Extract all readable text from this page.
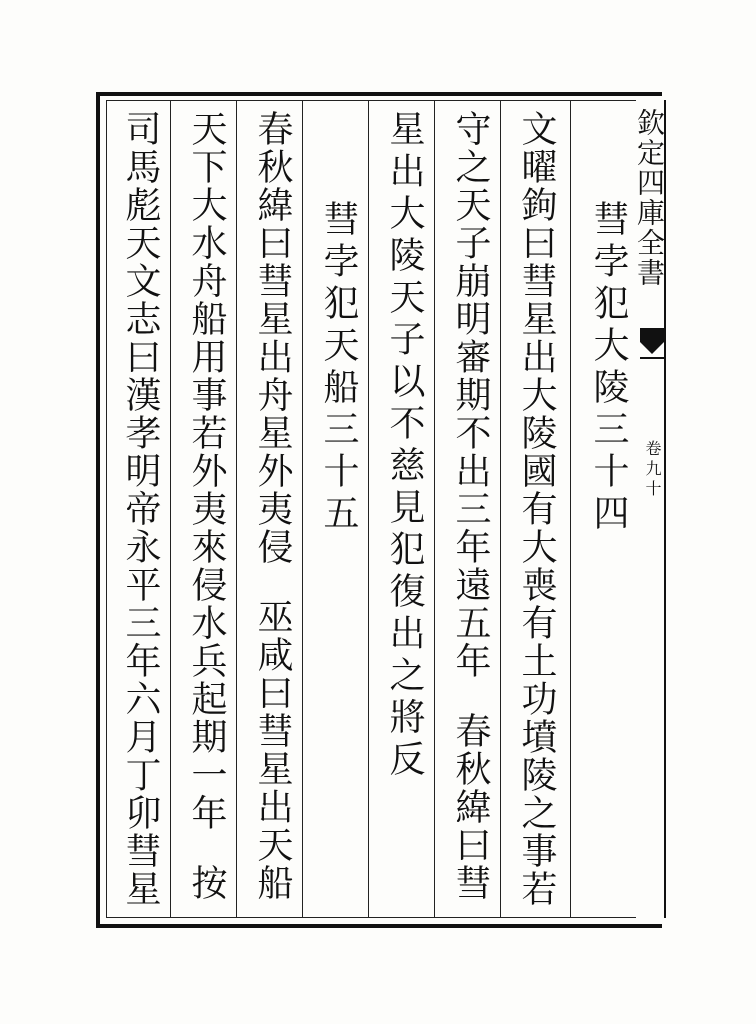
欽定四庫全書
卷九十
彗孛犯大陵三十四
文曜鉤曰彗星出大陵國有大喪有土功墳陵之事若
守之天子崩明審期不出三年遠五年春秋緯曰彗
星出大陵天子以不慈見犯復出之將反
彗孛犯天船三十五
春秋緯曰彗星出舟星外夷侵巫咸曰彗星出天船
天下大水舟船用事若外夷來侵水兵起期一年按
司馬彪天文志曰漢孝明帝永平三年六月丁卯彗星
